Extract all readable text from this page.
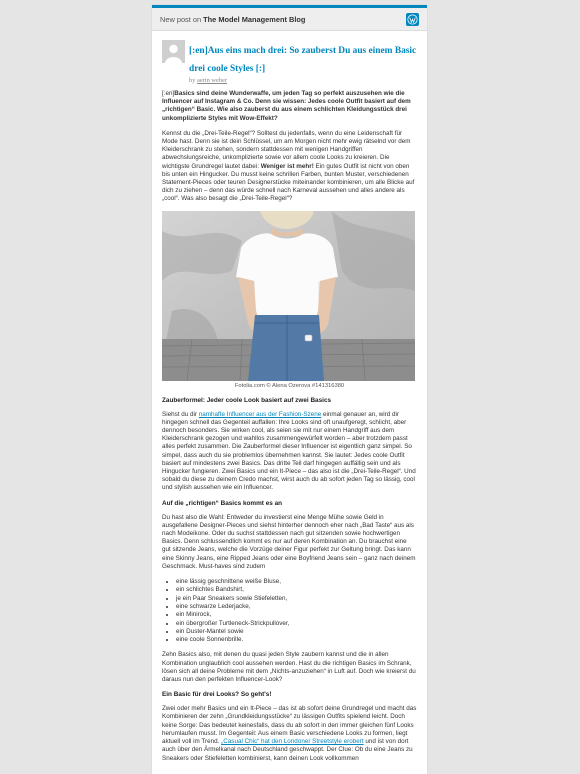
New post on The Model Management Blog
[:en]Aus eins mach drei: So zauberst Du aus einem Basic drei coole Styles [:]
by aerin weber

[:en]Basics sind deine Wunderwaffe, um jeden Tag so perfekt auszusehen wie die Influencer auf Instagram & Co. Denn sie wissen: Jedes coole Outfit basiert auf dem „richtigen“ Basic. Wie also zauberst du aus einem schlichten Kleidungsstück drei unkomplizierte Styles mit Wow-Effekt?

Kennst du die „Drei-Teile-Regel“? Solltest du jedenfalls, wenn du eine Leidenschaft für Mode hast. Denn sie ist dein Schlüssel, um am Morgen nicht mehr ewig rätselnd vor dem Kleiderschrank zu stehen, sondern stattdessen mit wenigen Handgriffen abwechslungsreiche, unkomplizierte sowie vor allem coole Looks zu kreieren. Die wichtigste Grundregel lautet dabei: Weniger ist mehr! Ein gutes Outfit ist nicht von oben bis unten ein Hingucker. Du musst keine schrillen Farben, bunten Muster, verschiedenen Statement-Pieces oder teuren Designerstücke miteinander kombinieren, um alle Blicke auf dich zu ziehen – denn das würde schnell nach Karneval aussehen und alles andere als „cool“. Was also besagt die „Drei-Teile-Regel“?

Fotolia.com © Alena Ozerova #141316380
Zauberformel: Jeder coole Look basiert auf zwei Basics

Siehst du dir namhafte Influencer aus der Fashion-Szene einmal genauer an, wird dir hingegen schnell das Gegenteil auffallen: Ihre Looks sind oft unaufgeregt, schlicht, aber dennoch besonders. Sie wirken cool, als seien sie mit nur einem Handgriff aus dem Kleiderschrank gezogen und wahllos zusammengewürfelt worden – aber trotzdem passt alles perfekt zusammen. Die Zauberformel dieser Influencer ist eigentlich ganz simpel. So simpel, dass auch du sie problemlos übernehmen kannst. Sie lautet: Jedes coole Outfit basiert auf mindestens zwei Basics. Das dritte Teil darf hingegen auffällig sein und als Hingucker fungieren. Zwei Basics und ein It-Piece – das also ist die „Drei-Teile-Regel“. Und sobald du diese zu deinem Credo machst, wirst auch du ab sofort jeden Tag so lässig, cool und stylish aussehen wie ein Influencer.

Auf die „richtigen“ Basics kommt es an

Du hast also die Wahl: Entweder du investierst eine Menge Mühe sowie Geld in ausgefallene Designer-Pieces und siehst hinterher dennoch eher nach „Bad Taste“ aus als nach Modeikone. Oder du suchst stattdessen nach gut sitzenden sowie hochwertigen Basics. Denn schlussendlich kommt es nur auf deren Kombination an. Du brauchst eine gut sitzende Jeans, welche die Vorzüge deiner Figur perfekt zur Geltung bringt. Das kann eine Skinny Jeans, eine Ripped Jeans oder eine Boyfriend Jeans sein – ganz nach deinem Geschmack. Must-haves sind zudem

• eine lässig geschnittene weiße Bluse,
• ein schlichtes Bandshirt,
• je ein Paar Sneakers sowie Stiefeletten,
• eine schwarze Lederjacke,
• ein Minirock,
• ein übergroßer Turtleneck-Strickpullover,
• ein Duster-Mantel sowie
• eine coole Sonnenbrille.

Zehn Basics also, mit denen du quasi jeden Style zaubern kannst und die in allen Kombination unglaublich cool aussehen werden. Hast du die richtigen Basics im Schrank, lösen sich all deine Probleme mit dem „Nichts-anzuziehen“ in Luft auf. Doch wie kreierst du daraus nun den perfekten Influencer-Look?

Ein Basic für drei Looks? So geht's!

Zwei oder mehr Basics und ein It-Piece – das ist ab sofort deine Grundregel und macht das Kombinieren der zehn „Grundkleidungsstücke“ zu lässigen Outfits spielend leicht. Doch keine Sorge: Das bedeutet keinesfalls, dass du ab sofort in den immer gleichen fünf Looks herumlaufen musst. Im Gegenteil: Aus einem Basic verschiedene Looks zu formen, liegt aktuell voll im Trend. „Casual Chic“ hat den Londoner Streetstyle erobert und ist von dort auch über den Ärmelkanal nach Deutschland geschwappt. Der Clue: Ob du eine Jeans zu Sneakers oder Stiefeletten kombinierst, kann deinen Look vollkommen
